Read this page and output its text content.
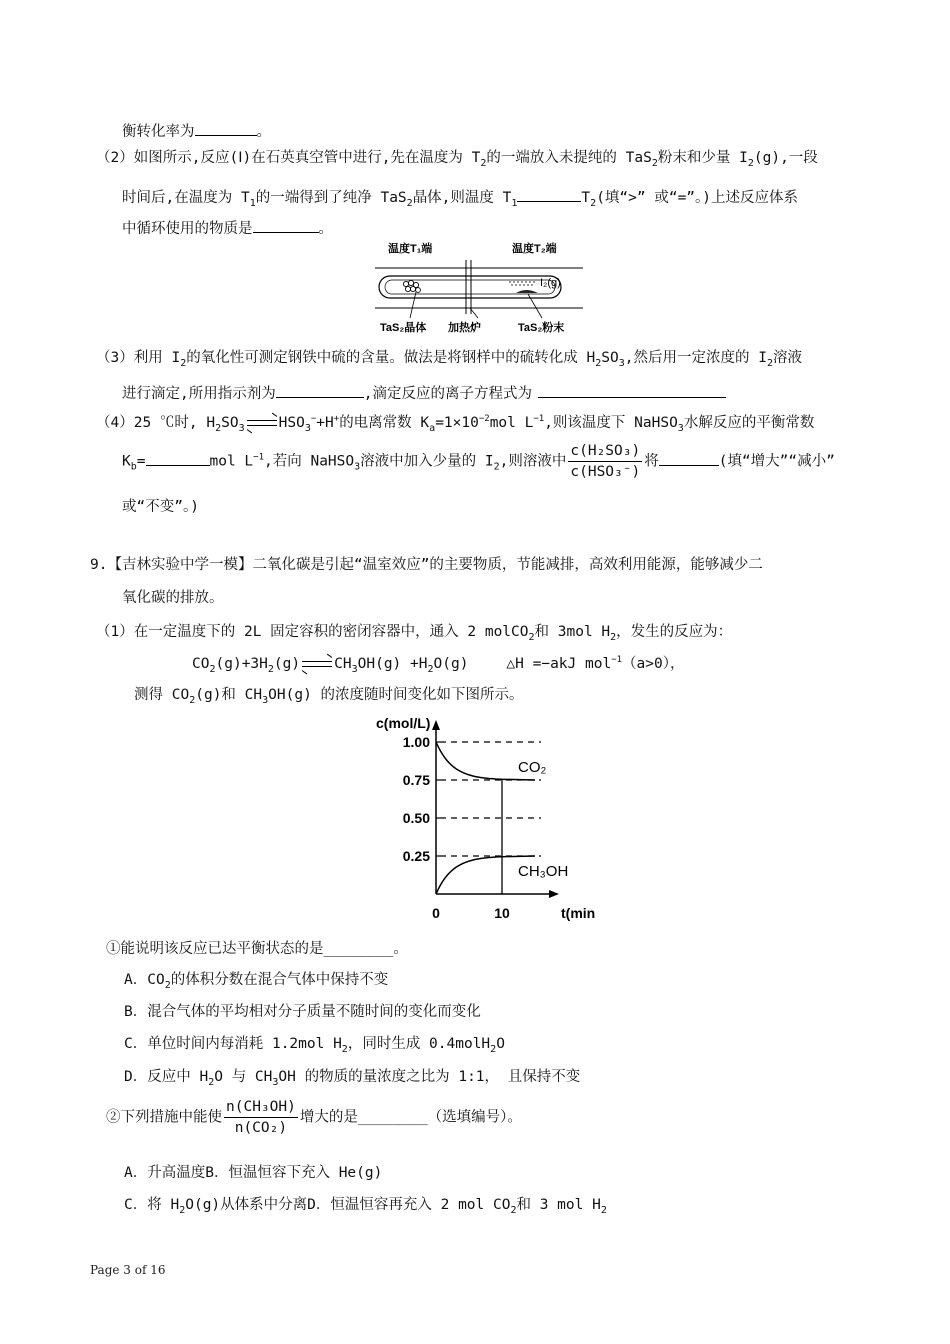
衡转化率为	。
（2）如图所示,反应(Ⅰ)在石英真空管中进行,先在温度为 $T_2$的一端放入未提纯的 TaS$_2$粉末和少量 $I_2(g)$,一段
时间后,在温度为 $T_1$的一端得到了纯净 TaS$_2$晶体,则温度 $T_1$	$T_2$(填“>” 或“=”。)上述反应体系
中循环使用的物质是	。
温度T₁端	温度T₂端
I₂(g)
TaS₂晶体 加热炉	TaS₂粉末
（3）利用 $I_2$的氧化性可测定钢铁中硫的含量。做法是将钢样中的硫转化成 $H_2SO_3$,然后用一定浓度的 $I_2$溶液
进行滴定,所用指示剂为	,滴定反应的离子方程式为
（4）25 ℃时, $H_2SO_3$ $HSO_3^-+H^+$的电离常数 $K_a=1\times 10^{-2}mol$ $L^{-1}$,则该温度下 NaHSO$_3$水解反应的平衡常数
$K_b=$	mol $L^{-1}$,若向 NaHSO$_3$溶液中加入少量的 $I_2$,则溶液中 $\frac{\text{c(H₂SO₃)}}{\text{c(HSO₃⁻)}}$ 将	(填“增大”“减小”
或“不变”。)
9.【吉林实验中学一模】二氧化碳是引起“温室效应”的主要物质，节能减排，高效利用能源，能够减少二
氧化碳的排放。
（1）在一定温度下的 2L 固定容积的密闭容器中，通入 2 molCO$_2$和 3mol $H_2$，发生的反应为：
$CO_2(g)+3H_2(g)$ $CH_3OH(g) +H_2O(g)$	△H =−akJ mol$^{-1}$（a>0），
测得 $CO_2(g)$和 $CH_3OH(g)$ 的浓度随时间变化如下图所示。
c(mol/L)
t(min
1.00
0.75
0.50
0.25
0	10
CO₂
CH₃OH
①能说明该反应已达平衡状态的是________。
A．$CO_2$的体积分数在混合气体中保持不变
B．混合气体的平均相对分子质量不随时间的变化而变化
C．单位时间内每消耗 1.2mol $H_2$，同时生成 0.4molH$_2$O
D．反应中 $H_2O$ 与 $CH_3OH$ 的物质的量浓度之比为 1:1， 且保持不变
②下列措施中能使 $\frac{\text{n(CH₃OH)}}{\text{n(CO₂)}}$ 增大的是________（选填编号）。
A．升高温度B．恒温恒容下充入 He(g)
C．将 $H_2O(g)$从体系中分离D．恒温恒容再充入 2 mol $CO_2$和 3 mol $H_2$
Page 3 of 16
